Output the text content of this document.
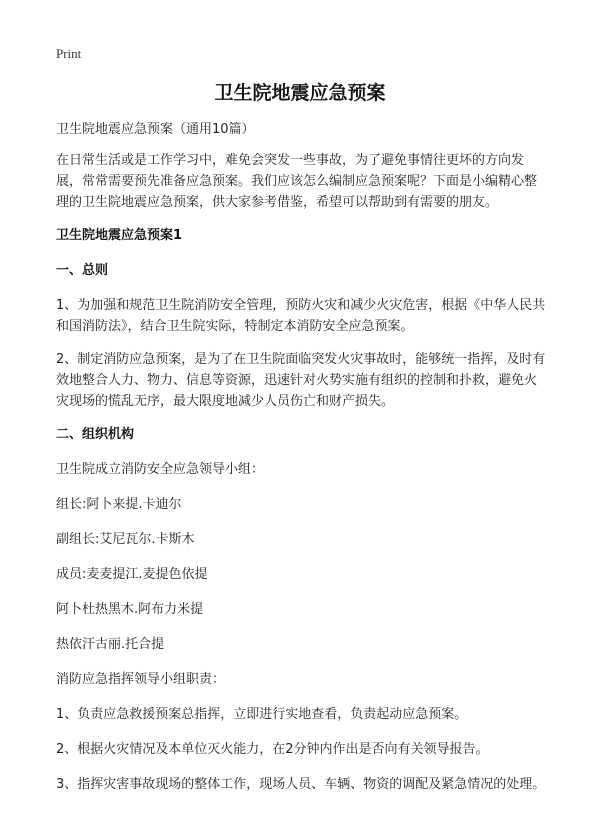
Print
卫生院地震应急预案

卫生院地震应急预案（通用10篇）

在日常生活或是工作学习中，难免会突发一些事故，为了避免事情往更坏的方向发展，常常需要预先准备应急预案。我们应该怎么编制应急预案呢？下面是小编精心整理的卫生院地震应急预案，供大家参考借鉴，希望可以帮助到有需要的朋友。

卫生院地震应急预案1

一、总则

1、为加强和规范卫生院消防安全管理，预防火灾和减少火灾危害，根据《中华人民共和国消防法》，结合卫生院实际，特制定本消防安全应急预案。

2、制定消防应急预案，是为了在卫生院面临突发火灾事故时，能够统一指挥，及时有效地整合人力、物力、信息等资源，迅速针对火势实施有组织的控制和扑救，避免火灾现场的慌乱无序，最大限度地减少人员伤亡和财产损失。

二、组织机构

卫生院成立消防安全应急领导小组：

组长:阿卜来提.卡迪尔

副组长:艾尼瓦尔.卡斯木

成员:麦麦提江.麦提色依提

阿卜杜热黑木.阿布力米提

热依汗古丽.托合提

消防应急指挥领导小组职责：

1、负责应急救援预案总指挥，立即进行实地查看，负责起动应急预案。

2、根据火灾情况及本单位灭火能力，在2分钟内作出是否向有关领导报告。

3、指挥灾害事故现场的整体工作，现场人员、车辆、物资的调配及紧急情况的处理。
